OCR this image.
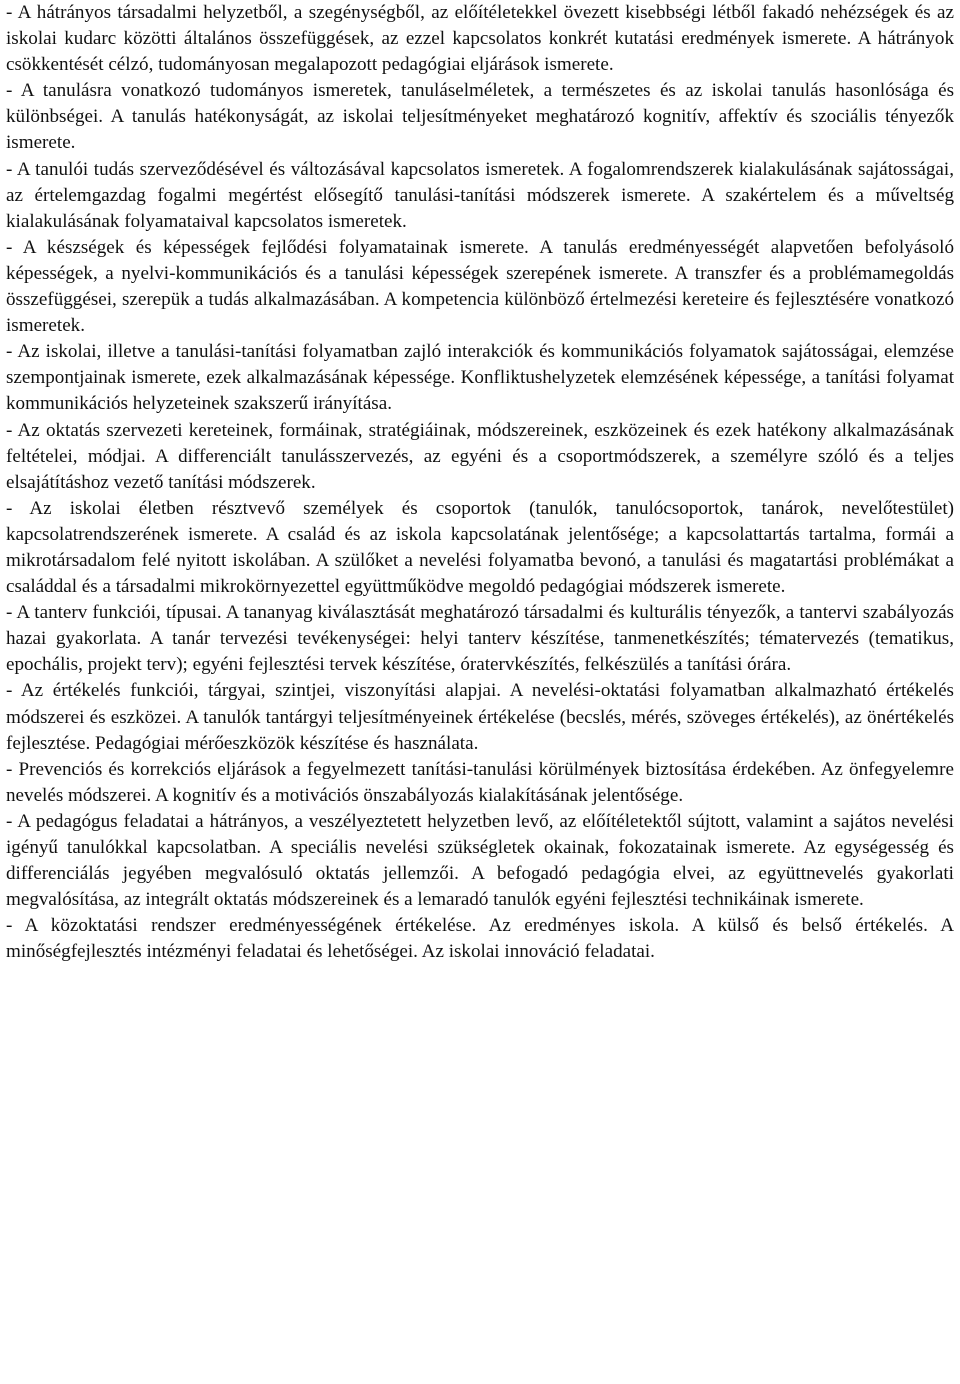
- A hátrányos társadalmi helyzetből, a szegénységből, az előítéletekkel övezett kisebbségi létből fakadó nehézségek és az iskolai kudarc közötti általános összefüggések, az ezzel kapcsolatos konkrét kutatási eredmények ismerete. A hátrányok csökkentését célzó, tudományosan megalapozott pedagógiai eljárások ismerete.

- A tanulásra vonatkozó tudományos ismeretek, tanuláselméletek, a természetes és az iskolai tanulás hasonlósága és különbségei. A tanulás hatékonyságát, az iskolai teljesítményeket meghatározó kognitív, affektív és szociális tényezők ismerete.

- A tanulói tudás szerveződésével és változásával kapcsolatos ismeretek. A fogalomrendszerek kialakulásának sajátosságai, az értelemgazdag fogalmi megértést elősegítő tanulási-tanítási módszerek ismerete. A szakértelem és a műveltség kialakulásának folyamataival kapcsolatos ismeretek.

- A készségek és képességek fejlődési folyamatainak ismerete. A tanulás eredményességét alapvetően befolyásoló képességek, a nyelvi-kommunikációs és a tanulási képességek szerepének ismerete. A transzfer és a problémamegoldás összefüggései, szerepük a tudás alkalmazásában. A kompetencia különböző értelmezési kereteire és fejlesztésére vonatkozó ismeretek.

- Az iskolai, illetve a tanulási-tanítási folyamatban zajló interakciók és kommunikációs folyamatok sajátosságai, elemzése szempontjainak ismerete, ezek alkalmazásának képessége. Konfliktushelyzetek elemzésének képessége, a tanítási folyamat kommunikációs helyzeteinek szakszerű irányítása.

- Az oktatás szervezeti kereteinek, formáinak, stratégiáinak, módszereinek, eszközeinek és ezek hatékony alkalmazásának feltételei, módjai. A differenciált tanulásszervezés, az egyéni és a csoportmódszerek, a személyre szóló és a teljes elsajátításhoz vezető tanítási módszerek.

- Az iskolai életben résztvevő személyek és csoportok (tanulók, tanulócsoportok, tanárok, nevelőtestület) kapcsolatrendszerének ismerete. A család és az iskola kapcsolatának jelentősége; a kapcsolattartás tartalma, formái a mikrotársadalom felé nyitott iskolában. A szülőket a nevelési folyamatba bevonó, a tanulási és magatartási problémákat a családdal és a társadalmi mikrokörnyezettel együttműködve megoldó pedagógiai módszerek ismerete.

- A tanterv funkciói, típusai. A tananyag kiválasztását meghatározó társadalmi és kulturális tényezők, a tantervi szabályozás hazai gyakorlata. A tanár tervezési tevékenységei: helyi tanterv készítése, tanmenetkészítés; tématervezés (tematikus, epochális, projekt terv); egyéni fejlesztési tervek készítése, óratervkészítés, felkészülés a tanítási órára.

- Az értékelés funkciói, tárgyai, szintjei, viszonyítási alapjai. A nevelési-oktatási folyamatban alkalmazható értékelés módszerei és eszközei. A tanulók tantárgyi teljesítményeinek értékelése (becslés, mérés, szöveges értékelés), az önértékelés fejlesztése. Pedagógiai mérőeszközök készítése és használata.

- Prevenciós és korrekciós eljárások a fegyelmezett tanítási-tanulási körülmények biztosítása érdekében. Az önfegyelemre nevelés módszerei. A kognitív és a motivációs önszabályozás kialakításának jelentősége.

- A pedagógus feladatai a hátrányos, a veszélyeztetett helyzetben levő, az előítéletektől sújtott, valamint a sajátos nevelési igényű tanulókkal kapcsolatban. A speciális nevelési szükségletek okainak, fokozatainak ismerete. Az egységesség és differenciálás jegyében megvalósuló oktatás jellemzői. A befogadó pedagógia elvei, az együttnevelés gyakorlati megvalósítása, az integrált oktatás módszereinek és a lemaradó tanulók egyéni fejlesztési technikáinak ismerete.

- A közoktatási rendszer eredményességének értékelése. Az eredményes iskola. A külső és belső értékelés. A minőségfejlesztés intézményi feladatai és lehetőségei. Az iskolai innováció feladatai.
